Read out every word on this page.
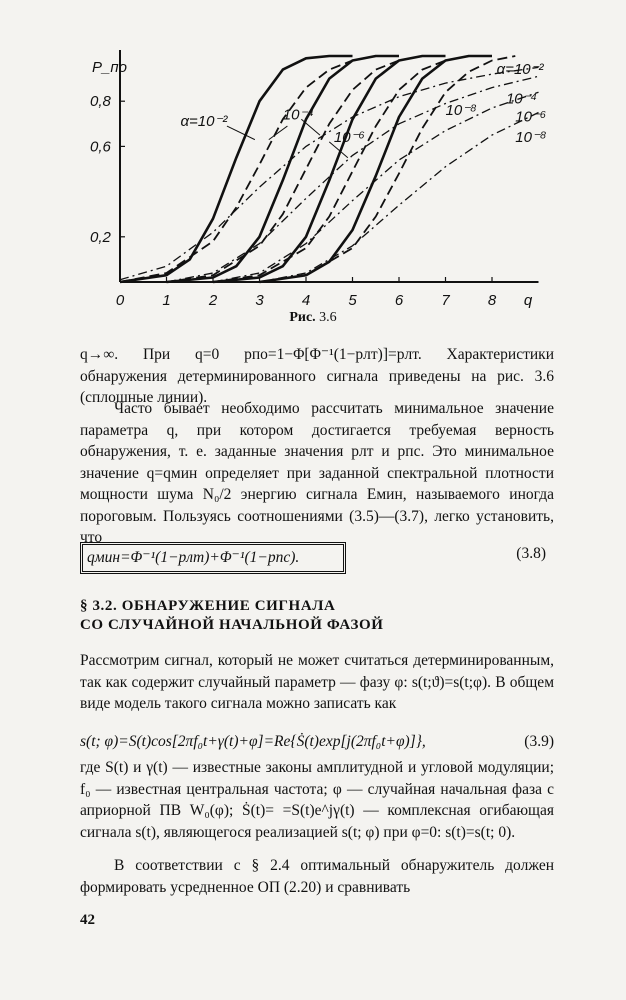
P_по
0	1	2	3	4	5	6	7	8 q
0,2
0,6
0,8
α=10⁻²	10⁻⁴
10⁻⁶
10⁻⁸
α=10⁻²
10⁻⁴
10⁻⁶
10⁻⁸
Рис. 3.6
q→∞. При q=0 pпо=1−Φ[Φ⁻¹(1−pлт)]=pлт. Характеристики обнаружения детерминированного сигнала приведены на рис. 3.6 (сплошные линии).
Часто бывает необходимо рассчитать минимальное значение параметра q, при котором достигается требуемая верность обнаружения, т. е. заданные значения pлт и pпс. Это минимальное значение q=qмин определяет при заданной спектральной плотности мощности шума N₀/2 энергию сигнала Eмин, называемого иногда пороговым. Пользуясь соотношениями (3.5)—(3.7), легко установить, что
qмин=Φ⁻¹(1−pлт)+Φ⁻¹(1−pпс).	(3.8)
§ 3.2. ОБНАРУЖЕНИЕ СИГНАЛА
СО СЛУЧАЙНОЙ НАЧАЛЬНОЙ ФАЗОЙ
Рассмотрим сигнал, который не может считаться детерминированным, так как содержит случайный параметр — фазу φ: s(t;ϑ)=s(t;φ). В общем виде модель такого сигнала можно записать как
s(t; φ)=S(t)cos[2πf₀t+γ(t)+φ]=Re{Ṡ(t)exp[j(2πf₀t+φ)]},	(3.9)
где S(t) и γ(t) — известные законы амплитудной и угловой модуляции; f₀ — известная центральная частота; φ — случайная начальная фаза с априорной ПВ W₀(φ); Ṡ(t)= =S(t)e^jγ(t) — комплексная огибающая сигнала s(t), являющегося реализацией s(t; φ) при φ=0: s(t)=s(t; 0).
В соответствии с § 2.4 оптимальный обнаружитель должен формировать усредненное ОП (2.20) и сравнивать
42
